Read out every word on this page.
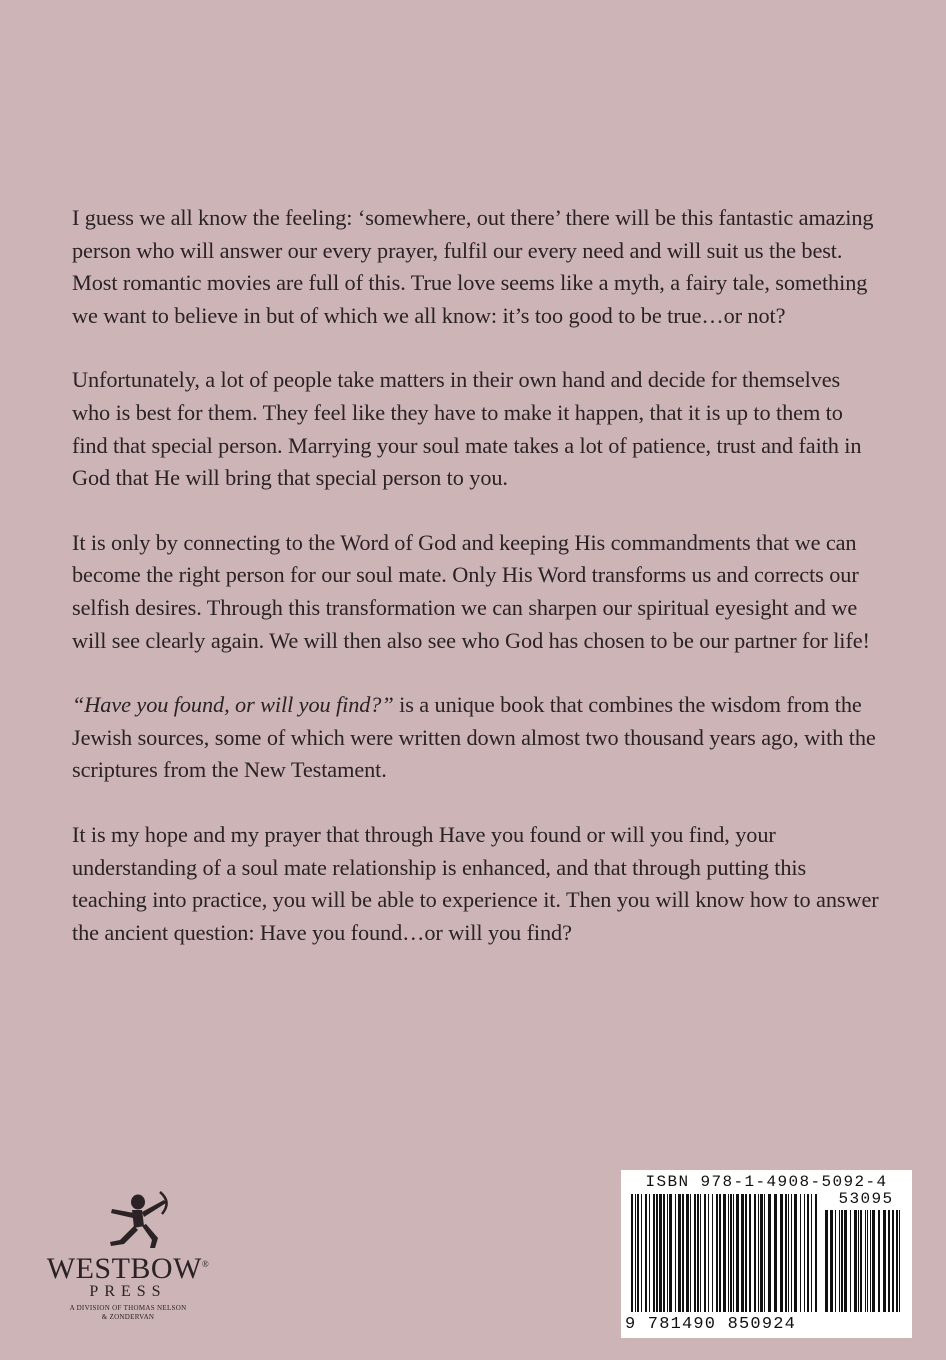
I guess we all know the feeling: ‘somewhere, out there’ there will be this fantastic amazing person who will answer our every prayer, fulfil our every need and will suit us the best. Most romantic movies are full of this. True love seems like a myth, a fairy tale, something we want to believe in but of which we all know: it’s too good to be true…or not?

Unfortunately, a lot of people take matters in their own hand and decide for themselves who is best for them. They feel like they have to make it happen, that it is up to them to find that special person. Marrying your soul mate takes a lot of patience, trust and faith in God that He will bring that special person to you.

It is only by connecting to the Word of God and keeping His commandments that we can become the right person for our soul mate. Only His Word transforms us and corrects our selfish desires. Through this transformation we can sharpen our spiritual eyesight and we will see clearly again. We will then also see who God has chosen to be our partner for life!

“Have you found, or will you find?” is a unique book that combines the wisdom from the Jewish sources, some of which were written down almost two thousand years ago, with the scriptures from the New Testament.

It is my hope and my prayer that through Have you found or will you find, your understanding of a soul mate relationship is enhanced, and that through putting this teaching into practice, you will be able to experience it. Then you will know how to answer the ancient question: Have you found…or will you find?

WESTBOW®
PRESS
A DIVISION OF THOMAS NELSON
& ZONDERVAN
ISBN 978-1-4908-5092-4
53095
9 781490 850924
